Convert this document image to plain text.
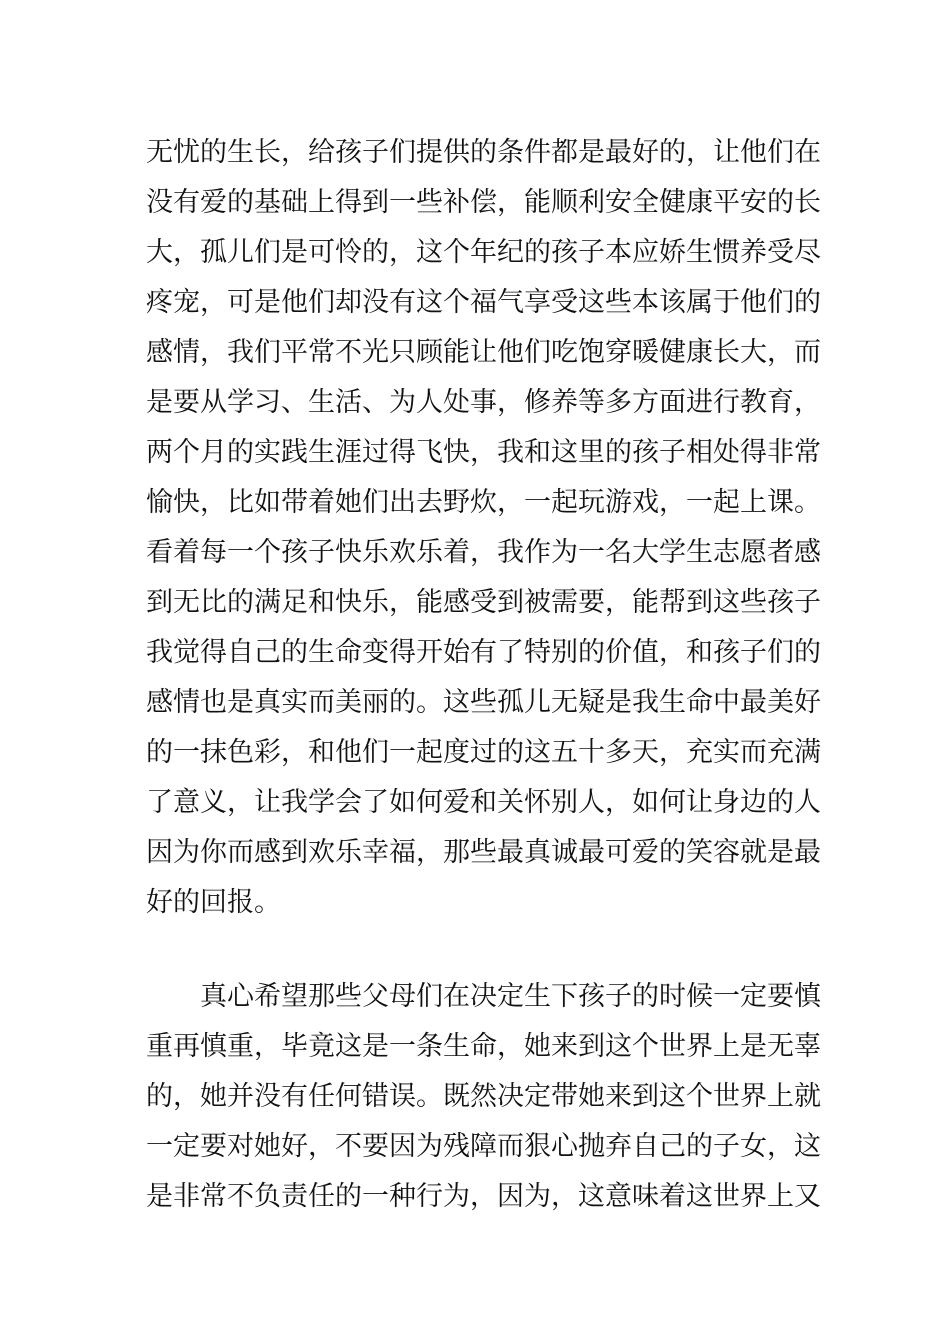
无忧的生长，给孩子们提供的条件都是最好的，让他们在
没有爱的基础上得到一些补偿，能顺利安全健康平安的长
大，孤儿们是可怜的，这个年纪的孩子本应娇生惯养受尽
疼宠，可是他们却没有这个福气享受这些本该属于他们的
感情，我们平常不光只顾能让他们吃饱穿暖健康长大，而
是要从学习、生活、为人处事，修养等多方面进行教育，
两个月的实践生涯过得飞快，我和这里的孩子相处得非常
愉快，比如带着她们出去野炊，一起玩游戏，一起上课。
看着每一个孩子快乐欢乐着，我作为一名大学生志愿者感
到无比的满足和快乐，能感受到被需要，能帮到这些孩子
我觉得自己的生命变得开始有了特别的价值，和孩子们的
感情也是真实而美丽的。这些孤儿无疑是我生命中最美好
的一抹色彩，和他们一起度过的这五十多天，充实而充满
了意义，让我学会了如何爱和关怀别人，如何让身边的人
因为你而感到欢乐幸福，那些最真诚最可爱的笑容就是最
好的回报。
真心希望那些父母们在决定生下孩子的时候一定要慎
重再慎重，毕竟这是一条生命，她来到这个世界上是无辜
的，她并没有任何错误。既然决定带她来到这个世界上就
一定要对她好，不要因为残障而狠心抛弃自己的子女，这
是非常不负责任的一种行为，因为，这意味着这世界上又
